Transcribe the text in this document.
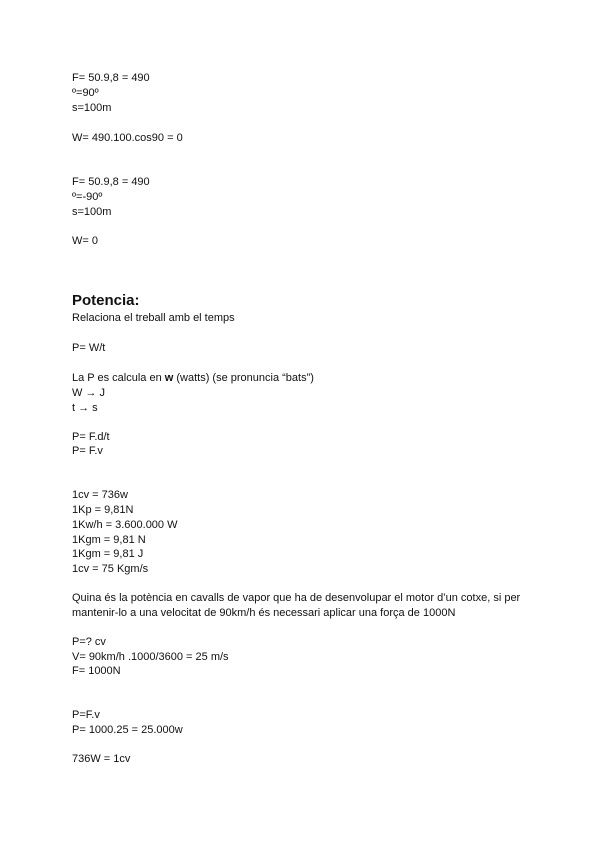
F= 50.9,8 = 490
º=90º
s=100m
W= 490.100.cos90 = 0
F= 50.9,8 = 490
º=-90º
s=100m
W= 0
Potencia:
Relaciona el treball amb el temps
P= W/t
La P es calcula en w (watts) (se pronuncia “bats”)
W → J
t → s
P= F.d/t
P= F.v
1cv = 736w
1Kp = 9,81N
1Kw/h = 3.600.000 W
1Kgm = 9,81 N
1Kgm = 9,81 J
1cv = 75 Kgm/s
Quina és la potència en cavalls de vapor que ha de desenvolupar el motor d’un cotxe, si per
mantenir-lo a una velocitat de 90km/h és necessari aplicar una força de 1000N
P=? cv
V= 90km/h .1000/3600 = 25 m/s
F= 1000N
P=F.v
P= 1000.25 = 25.000w
736W = 1cv
